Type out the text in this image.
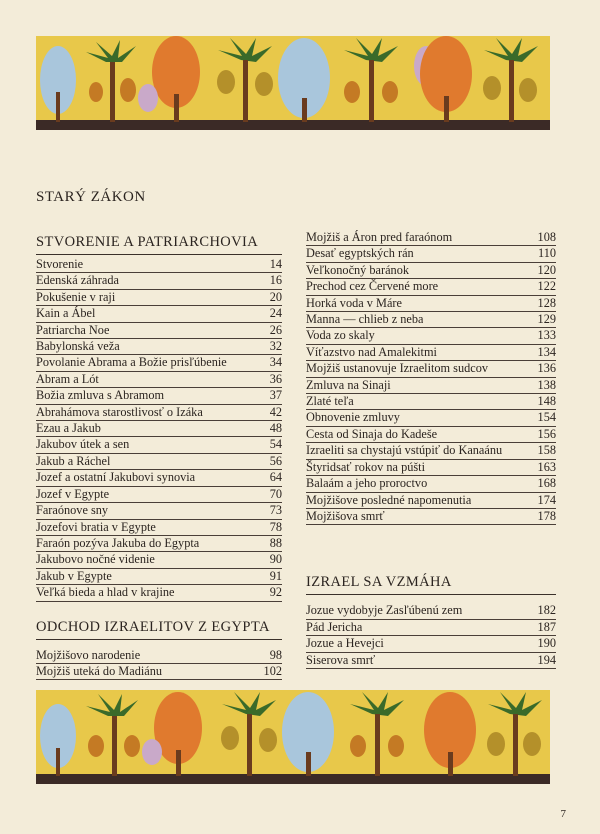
STARÝ ZÁKON
STVORENIE A PATRIARCHOVIA
Stvorenie	14
Edenská záhrada	16
Pokušenie v raji	20
Kain a Ábel	24
Patriarcha Noe	26
Babylonská veža	32
Povolanie Abrama a Božie prisľúbenie	34
Abram a Lót	36
Božia zmluva s Abramom	37
Abrahámova starostlivosť o Izáka	42
Ezau a Jakub	48
Jakubov útek a sen	54
Jakub a Ráchel	56
Jozef a ostatní Jakubovi synovia	64
Jozef v Egypte	70
Faraónove sny	73
Jozefovi bratia v Egypte	78
Faraón pozýva Jakuba do Egypta	88
Jakubovo nočné videnie	90
Jakub v Egypte	91
Veľká bieda a hlad v krajine	92
ODCHOD IZRAELITOV Z EGYPTA
Mojžišovo narodenie	98
Mojžiš uteká do Madiánu	102
Mojžiš a Áron pred faraónom	108
Desať egyptských rán	110
Veľkonočný baránok	120
Prechod cez Červené more	122
Horká voda v Máre	128
Manna — chlieb z neba	129
Voda zo skaly	133
Víťazstvo nad Amalekitmi	134
Mojžiš ustanovuje Izraelitom sudcov	136
Zmluva na Sinaji	138
Zlaté teľa	148
Obnovenie zmluvy	154
Cesta od Sinaja do Kadeše	156
Izraeliti sa chystajú vstúpiť do Kanaánu	158
Štyridsať rokov na púšti	163
Balaám a jeho proroctvo	168
Mojžišove posledné napomenutia	174
Mojžišova smrť	178
IZRAEL SA VZMÁHA
Jozue vydobyje Zasľúbenú zem	182
Pád Jericha	187
Jozue a Hevejci	190
Siserova smrť	194
7
